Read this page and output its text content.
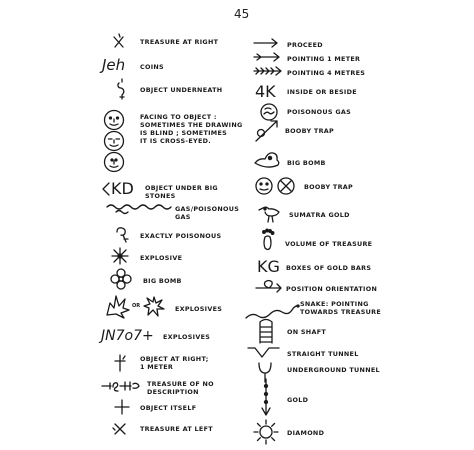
45
TREASURE AT RIGHT
Jeh COINS
OBJECT UNDERNEATH
FACING TO OBJECT :
SOMETIMES THE DRAWING
IS BLIND ; SOMETIMES
IT IS CROSS-EYED.
KD OBJECT UNDER BIG
STONES
GAS/POISONOUS
GAS
EXACTLY POISONOUS
EXPLOSIVE
BIG BOMB
OR	EXPLOSIVES
JN7o7+ EXPLOSIVES
OBJECT AT RIGHT;
1 METER
TREASURE OF NO
DESCRIPTION
OBJECT ITSELF
TREASURE AT LEFT
PROCEED
POINTING 1 METER
POINTING 4 METRES
4K INSIDE OR BESIDE
POISONOUS GAS
BOOBY TRAP
BIG BOMB
BOOBY TRAP
SUMATRA GOLD
VOLUME OF TREASURE
KG BOXES OF GOLD BARS
POSITION ORIENTATION
SNAKE: POINTING
TOWARDS TREASURE
ON SHAFT
STRAIGHT TUNNEL
UNDERGROUND TUNNEL
GOLD
DIAMOND
